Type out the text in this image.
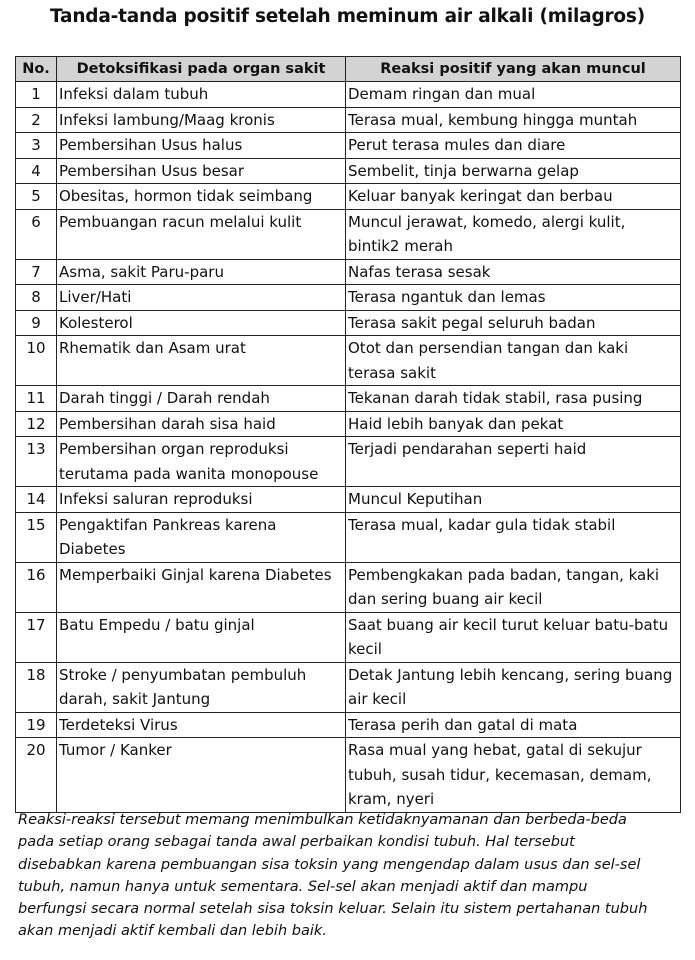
Tanda-tanda positif setelah meminum air alkali (milagros)
No.	Detoksifikasi pada organ sakit	Reaksi positif yang akan muncul
1	Infeksi dalam tubuh	Demam ringan dan mual
2	Infeksi lambung/Maag kronis	Terasa mual, kembung hingga muntah
3	Pembersihan Usus halus	Perut terasa mules dan diare
4	Pembersihan Usus besar	Sembelit, tinja berwarna gelap
5	Obesitas, hormon tidak seimbang	Keluar banyak keringat dan berbau
6	Pembuangan racun melalui kulit	Muncul jerawat, komedo, alergi kulit, bintik2 merah
7	Asma, sakit Paru-paru	Nafas terasa sesak
8	Liver/Hati	Terasa ngantuk dan lemas
9	Kolesterol	Terasa sakit pegal seluruh badan
10	Rhematik dan Asam urat	Otot dan persendian tangan dan kaki terasa sakit
11	Darah tinggi / Darah rendah	Tekanan darah tidak stabil, rasa pusing
12	Pembersihan darah sisa haid	Haid lebih banyak dan pekat
13	Pembersihan organ reproduksi terutama pada wanita monopouse	Terjadi pendarahan seperti haid
14	Infeksi saluran reproduksi	Muncul Keputihan
15	Pengaktifan Pankreas karena Diabetes	Terasa mual, kadar gula tidak stabil
16	Memperbaiki Ginjal karena Diabetes	Pembengkakan pada badan, tangan, kaki dan sering buang air kecil
17	Batu Empedu / batu ginjal	Saat buang air kecil turut keluar batu-batu kecil
18	Stroke / penyumbatan pembuluh darah, sakit Jantung	Detak Jantung lebih kencang, sering buang air kecil
19	Terdeteksi Virus	Terasa perih dan gatal di mata
20	Tumor / Kanker	Rasa mual yang hebat, gatal di sekujur tubuh, susah tidur, kecemasan, demam, kram, nyeri
Reaksi-reaksi tersebut memang menimbulkan ketidaknyamanan dan berbeda-beda
pada setiap orang sebagai tanda awal perbaikan kondisi tubuh. Hal tersebut
disebabkan karena pembuangan sisa toksin yang mengendap dalam usus dan sel-sel
tubuh, namun hanya untuk sementara. Sel-sel akan menjadi aktif dan mampu
berfungsi secara normal setelah sisa toksin keluar. Selain itu sistem pertahanan tubuh
akan menjadi aktif kembali dan lebih baik.
